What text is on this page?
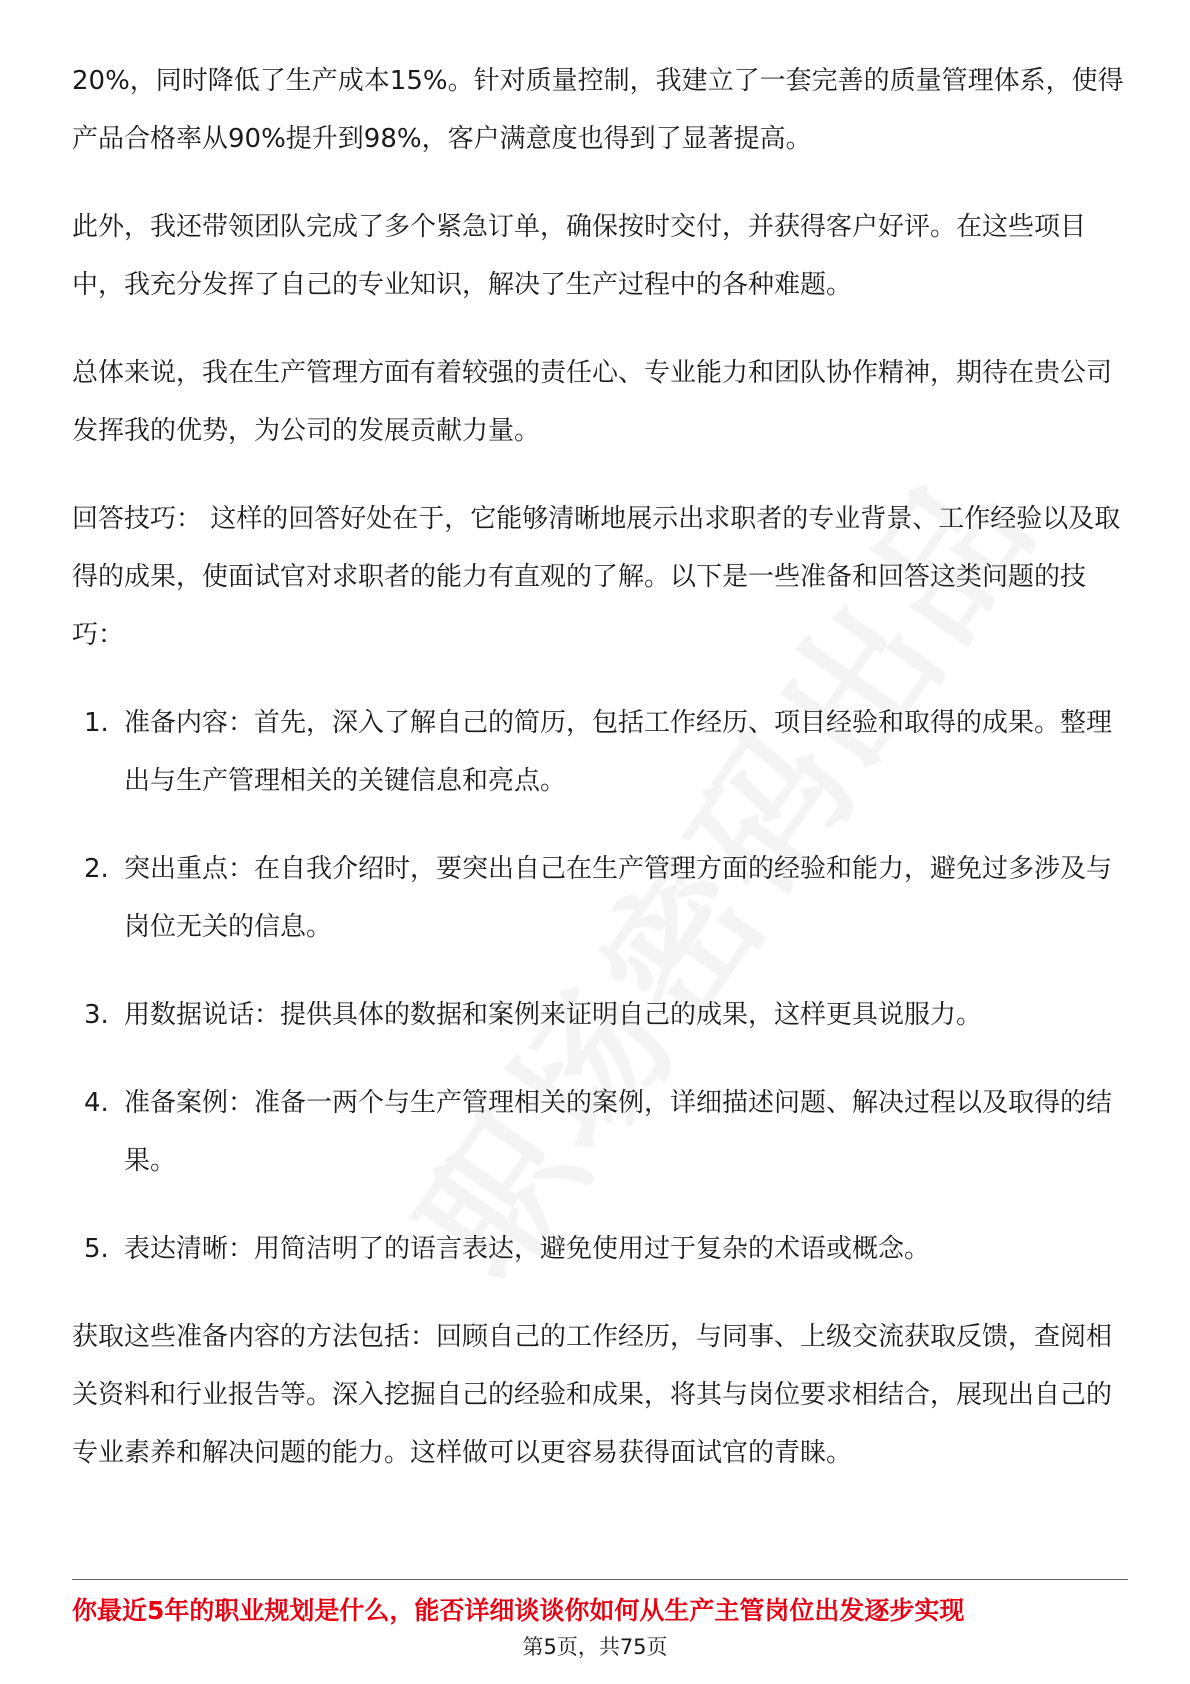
20%，同时降低了生产成本15%。针对质量控制，我建立了一套完善的质量管理体系，使得产品合格率从90%提升到98%，客户满意度也得到了显著提高。

此外，我还带领团队完成了多个紧急订单，确保按时交付，并获得客户好评。在这些项目中，我充分发挥了自己的专业知识，解决了生产过程中的各种难题。

总体来说，我在生产管理方面有着较强的责任心、专业能力和团队协作精神，期待在贵公司发挥我的优势，为公司的发展贡献力量。

回答技巧： 这样的回答好处在于，它能够清晰地展示出求职者的专业背景、工作经验以及取得的成果，使面试官对求职者的能力有直观的了解。以下是一些准备和回答这类问题的技巧：

1. 准备内容：首先，深入了解自己的简历，包括工作经历、项目经验和取得的成果。整理出与生产管理相关的关键信息和亮点。
2. 突出重点：在自我介绍时，要突出自己在生产管理方面的经验和能力，避免过多涉及与岗位无关的信息。
3. 用数据说话：提供具体的数据和案例来证明自己的成果，这样更具说服力。
4. 准备案例：准备一两个与生产管理相关的案例，详细描述问题、解决过程以及取得的结果。
5. 表达清晰：用简洁明了的语言表达，避免使用过于复杂的术语或概念。

获取这些准备内容的方法包括：回顾自己的工作经历，与同事、上级交流获取反馈，查阅相关资料和行业报告等。深入挖掘自己的经验和成果，将其与岗位要求相结合，展现出自己的专业素养和解决问题的能力。这样做可以更容易获得面试官的青睐。

你最近5年的职业规划是什么，能否详细谈谈你如何从生产主管岗位出发逐步实现
第5页，共75页
